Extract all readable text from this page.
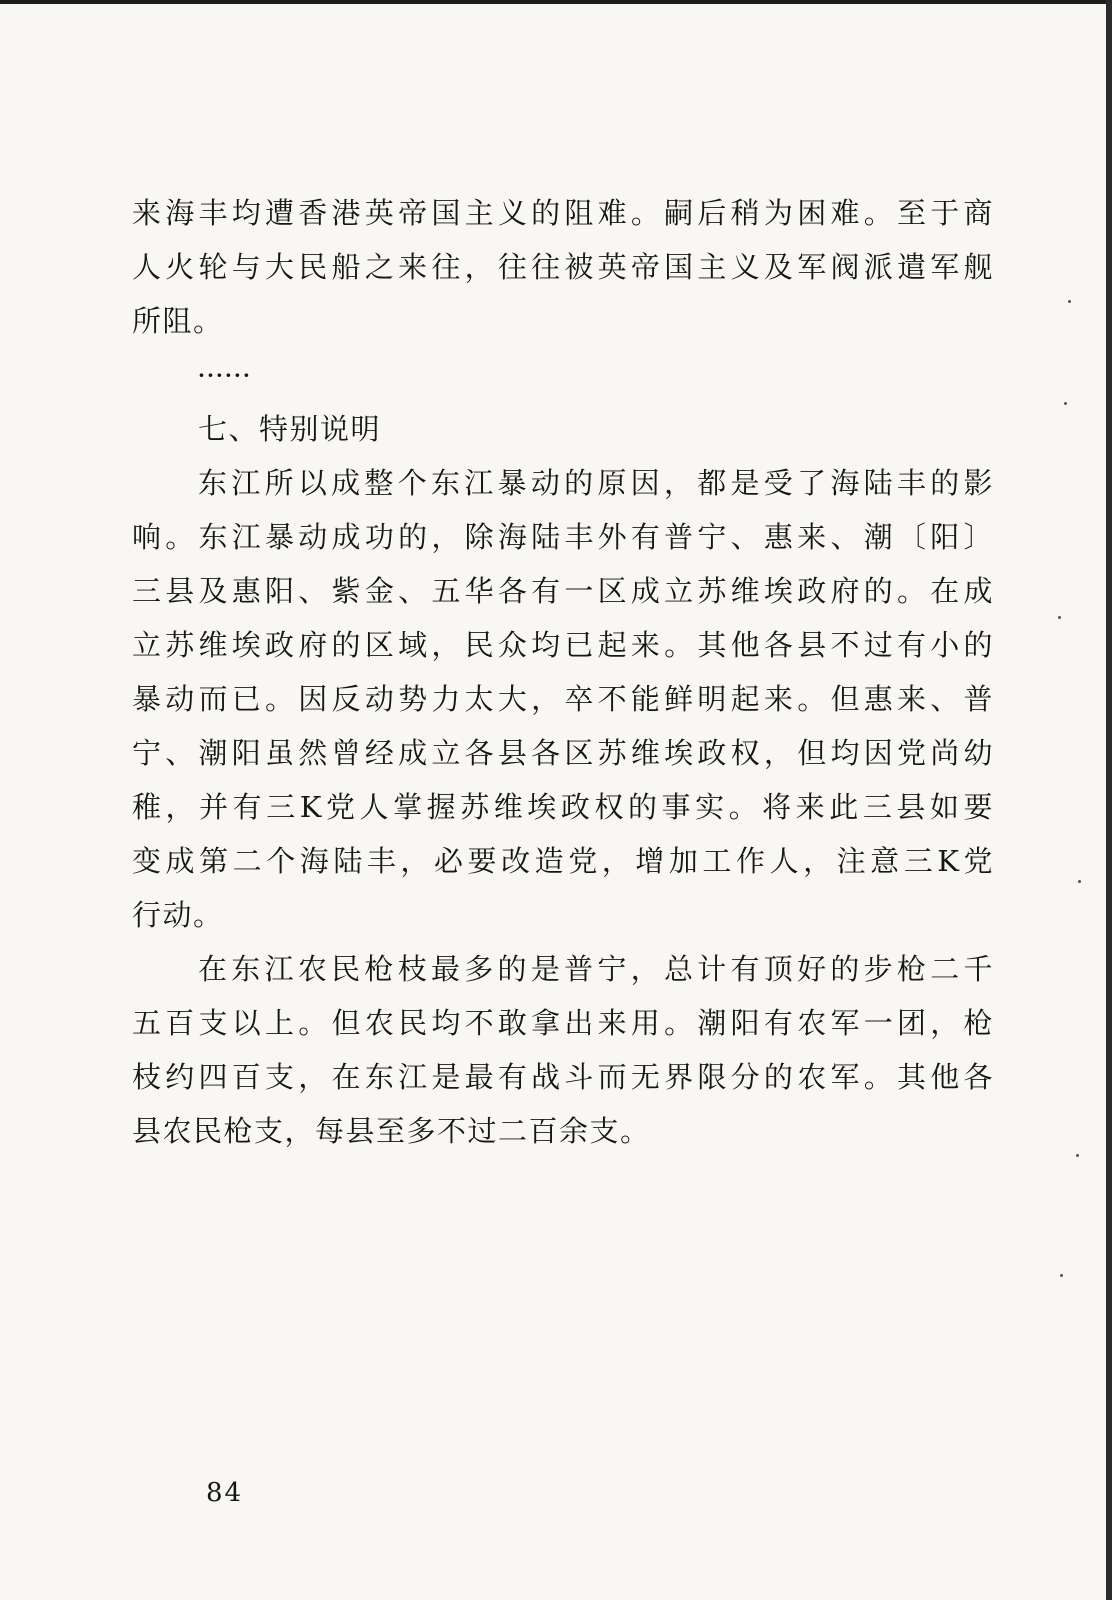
来海丰均遭香港英帝国主义的阻难。嗣后稍为困难。至于商
人火轮与大民船之来往，往往被英帝国主义及军阀派遣军舰
所阻。
······
七、特别说明
东江所以成整个东江暴动的原因，都是受了海陆丰的影
响。东江暴动成功的，除海陆丰外有普宁、惠来、潮〔阳〕
三县及惠阳、紫金、五华各有一区成立苏维埃政府的。在成
立苏维埃政府的区域，民众均已起来。其他各县不过有小的
暴动而已。因反动势力太大，卒不能鲜明起来。但惠来、普
宁、潮阳虽然曾经成立各县各区苏维埃政权，但均因党尚幼
稚，并有三K党人掌握苏维埃政权的事实。将来此三县如要
变成第二个海陆丰，必要改造党，增加工作人，注意三K党
行动。
在东江农民枪枝最多的是普宁，总计有顶好的步枪二千
五百支以上。但农民均不敢拿出来用。潮阳有农军一团，枪
枝约四百支，在东江是最有战斗而无界限分的农军。其他各
县农民枪支，每县至多不过二百余支。
84
